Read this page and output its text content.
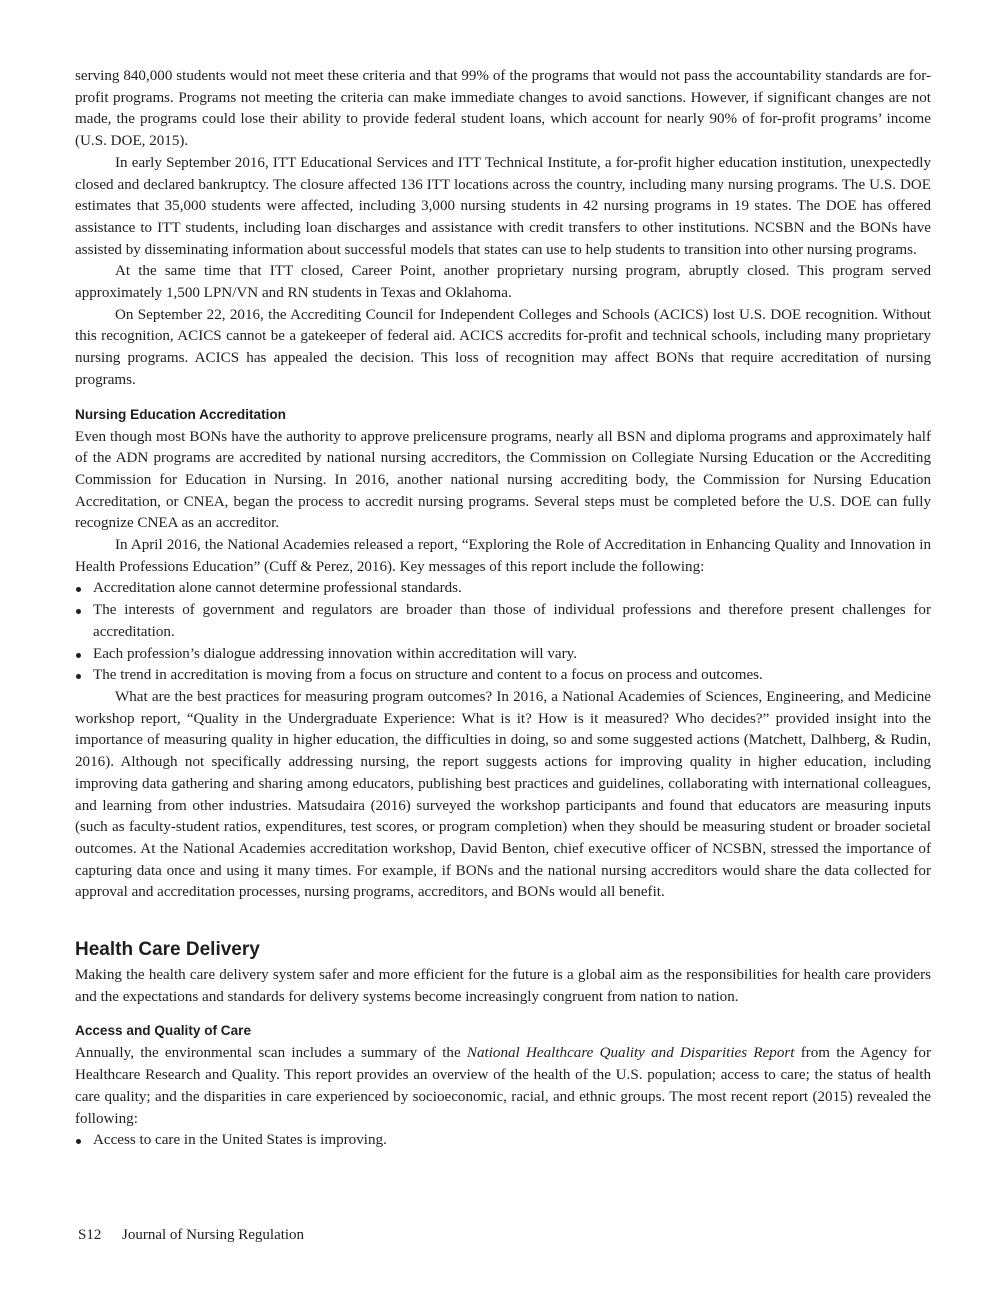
serving 840,000 students would not meet these criteria and that 99% of the programs that would not pass the accountability standards are for-profit programs. Programs not meeting the criteria can make immediate changes to avoid sanctions. However, if significant changes are not made, the programs could lose their ability to provide federal student loans, which account for nearly 90% of for-profit programs’ income (U.S. DOE, 2015).

In early September 2016, ITT Educational Services and ITT Technical Institute, a for-profit higher education institution, unexpectedly closed and declared bankruptcy. The closure affected 136 ITT locations across the country, including many nursing programs. The U.S. DOE estimates that 35,000 students were affected, including 3,000 nursing students in 42 nursing programs in 19 states. The DOE has offered assistance to ITT students, including loan discharges and assistance with credit transfers to other institutions. NCSBN and the BONs have assisted by disseminating information about successful models that states can use to help students to transition into other nursing programs.

At the same time that ITT closed, Career Point, another proprietary nursing program, abruptly closed. This program served approximately 1,500 LPN/VN and RN students in Texas and Oklahoma.

On September 22, 2016, the Accrediting Council for Independent Colleges and Schools (ACICS) lost U.S. DOE recognition. Without this recognition, ACICS cannot be a gatekeeper of federal aid. ACICS accredits for-profit and technical schools, including many proprietary nursing programs. ACICS has appealed the decision. This loss of recognition may affect BONs that require accreditation of nursing programs.

Nursing Education Accreditation

Even though most BONs have the authority to approve prelicensure programs, nearly all BSN and diploma programs and approximately half of the ADN programs are accredited by national nursing accreditors, the Commission on Collegiate Nursing Education or the Accrediting Commission for Education in Nursing. In 2016, another national nursing accrediting body, the Commission for Nursing Education Accreditation, or CNEA, began the process to accredit nursing programs. Several steps must be completed before the U.S. DOE can fully recognize CNEA as an accreditor.

In April 2016, the National Academies released a report, “Exploring the Role of Accreditation in Enhancing Quality and Innovation in Health Professions Education” (Cuff & Perez, 2016). Key messages of this report include the following:

Accreditation alone cannot determine professional standards.
The interests of government and regulators are broader than those of individual professions and therefore present challenges for accreditation.
Each profession’s dialogue addressing innovation within accreditation will vary.
The trend in accreditation is moving from a focus on structure and content to a focus on process and outcomes.

What are the best practices for measuring program outcomes? In 2016, a National Academies of Sciences, Engineering, and Medicine workshop report, “Quality in the Undergraduate Experience: What is it? How is it measured? Who decides?” provided insight into the importance of measuring quality in higher education, the difficulties in doing, so and some suggested actions (Matchett, Dalhberg, & Rudin, 2016). Although not specifically addressing nursing, the report suggests actions for improving quality in higher education, including improving data gathering and sharing among educators, publishing best practices and guidelines, collaborating with international colleagues, and learning from other industries. Matsudaira (2016) surveyed the workshop participants and found that educators are measuring inputs (such as faculty-student ratios, expenditures, test scores, or program completion) when they should be measuring student or broader societal outcomes. At the National Academies accreditation workshop, David Benton, chief executive officer of NCSBN, stressed the importance of capturing data once and using it many times. For example, if BONs and the national nursing accreditors would share the data collected for approval and accreditation processes, nursing programs, accreditors, and BONs would all benefit.

Health Care Delivery

Making the health care delivery system safer and more efficient for the future is a global aim as the responsibilities for health care providers and the expectations and standards for delivery systems become increasingly congruent from nation to nation.

Access and Quality of Care

Annually, the environmental scan includes a summary of the National Healthcare Quality and Disparities Report from the Agency for Healthcare Research and Quality. This report provides an overview of the health of the U.S. population; access to care; the status of health care quality; and the disparities in care experienced by socioeconomic, racial, and ethnic groups. The most recent report (2015) revealed the following:

Access to care in the United States is improving.
S12 Journal of Nursing Regulation
